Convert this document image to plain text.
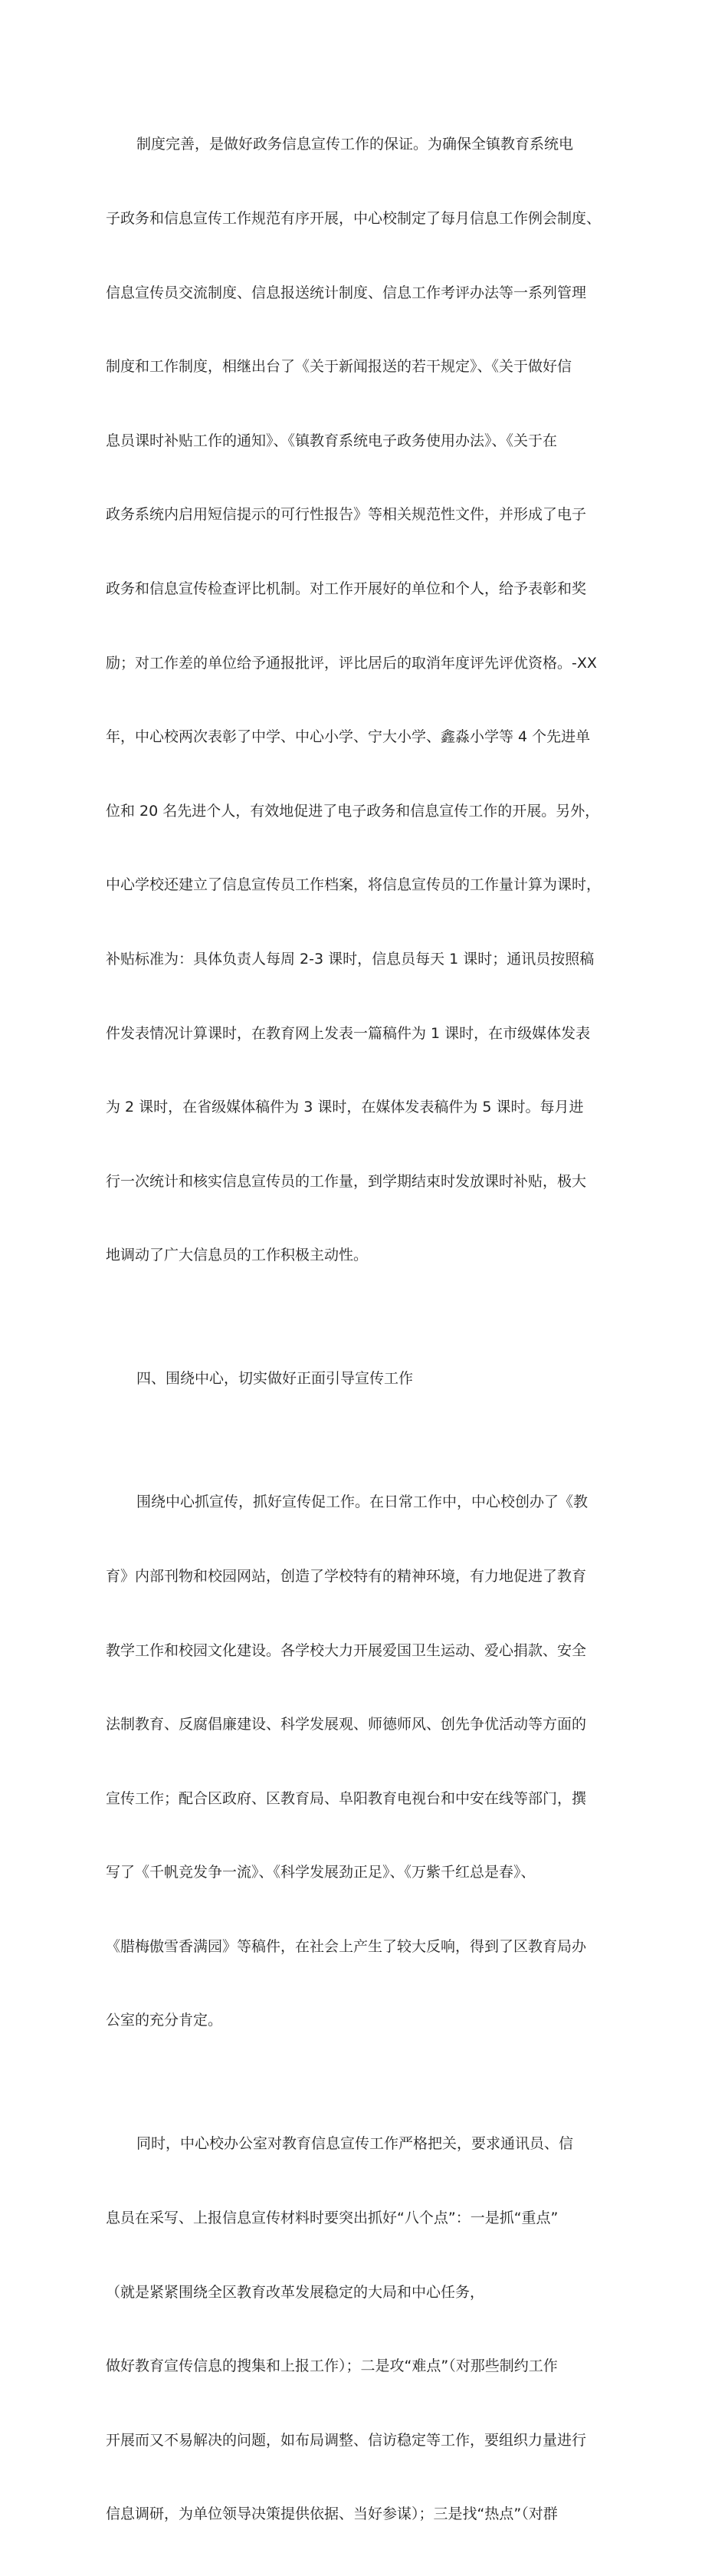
制度完善，是做好政务信息宣传工作的保证。为确保全镇教育系统电

子政务和信息宣传工作规范有序开展，中心校制定了每月信息工作例会制度、

信息宣传员交流制度、信息报送统计制度、信息工作考评办法等一系列管理

制度和工作制度，相继出台了《关于新闻报送的若干规定》、《关于做好信

息员课时补贴工作的通知》、《镇教育系统电子政务使用办法》、《关于在

政务系统内启用短信提示的可行性报告》等相关规范性文件，并形成了电子

政务和信息宣传检查评比机制。对工作开展好的单位和个人，给予表彰和奖

励；对工作差的单位给予通报批评，评比居后的取消年度评先评优资格。-XX

年，中心校两次表彰了中学、中心小学、宁大小学、鑫淼小学等 4 个先进单

位和 20 名先进个人，有效地促进了电子政务和信息宣传工作的开展。另外，

中心学校还建立了信息宣传员工作档案，将信息宣传员的工作量计算为课时，

补贴标准为：具体负责人每周 2-3 课时，信息员每天 1 课时；通讯员按照稿

件发表情况计算课时，在教育网上发表一篇稿件为 1 课时，在市级媒体发表

为 2 课时，在省级媒体稿件为 3 课时，在媒体发表稿件为 5 课时。每月进

行一次统计和核实信息宣传员的工作量，到学期结束时发放课时补贴，极大

地调动了广大信息员的工作积极主动性。

四、围绕中心，切实做好正面引导宣传工作

围绕中心抓宣传，抓好宣传促工作。在日常工作中，中心校创办了《教

育》内部刊物和校园网站，创造了学校特有的精神环境，有力地促进了教育

教学工作和校园文化建设。各学校大力开展爱国卫生运动、爱心捐款、安全

法制教育、反腐倡廉建设、科学发展观、师德师风、创先争优活动等方面的

宣传工作；配合区政府、区教育局、阜阳教育电视台和中安在线等部门，撰

写了《千帆竞发争一流》、《科学发展劲正足》、《万紫千红总是春》、

《腊梅傲雪香满园》等稿件，在社会上产生了较大反响，得到了区教育局办

公室的充分肯定。

同时，中心校办公室对教育信息宣传工作严格把关，要求通讯员、信

息员在采写、上报信息宣传材料时要突出抓好“八个点”：一是抓“重点”

（就是紧紧围绕全区教育改革发展稳定的大局和中心任务，

做好教育宣传信息的搜集和上报工作）；二是攻“难点”（对那些制约工作

开展而又不易解决的问题，如布局调整、信访稳定等工作，要组织力量进行

信息调研，为单位领导决策提供依据、当好参谋）；三是找“热点”（对群
